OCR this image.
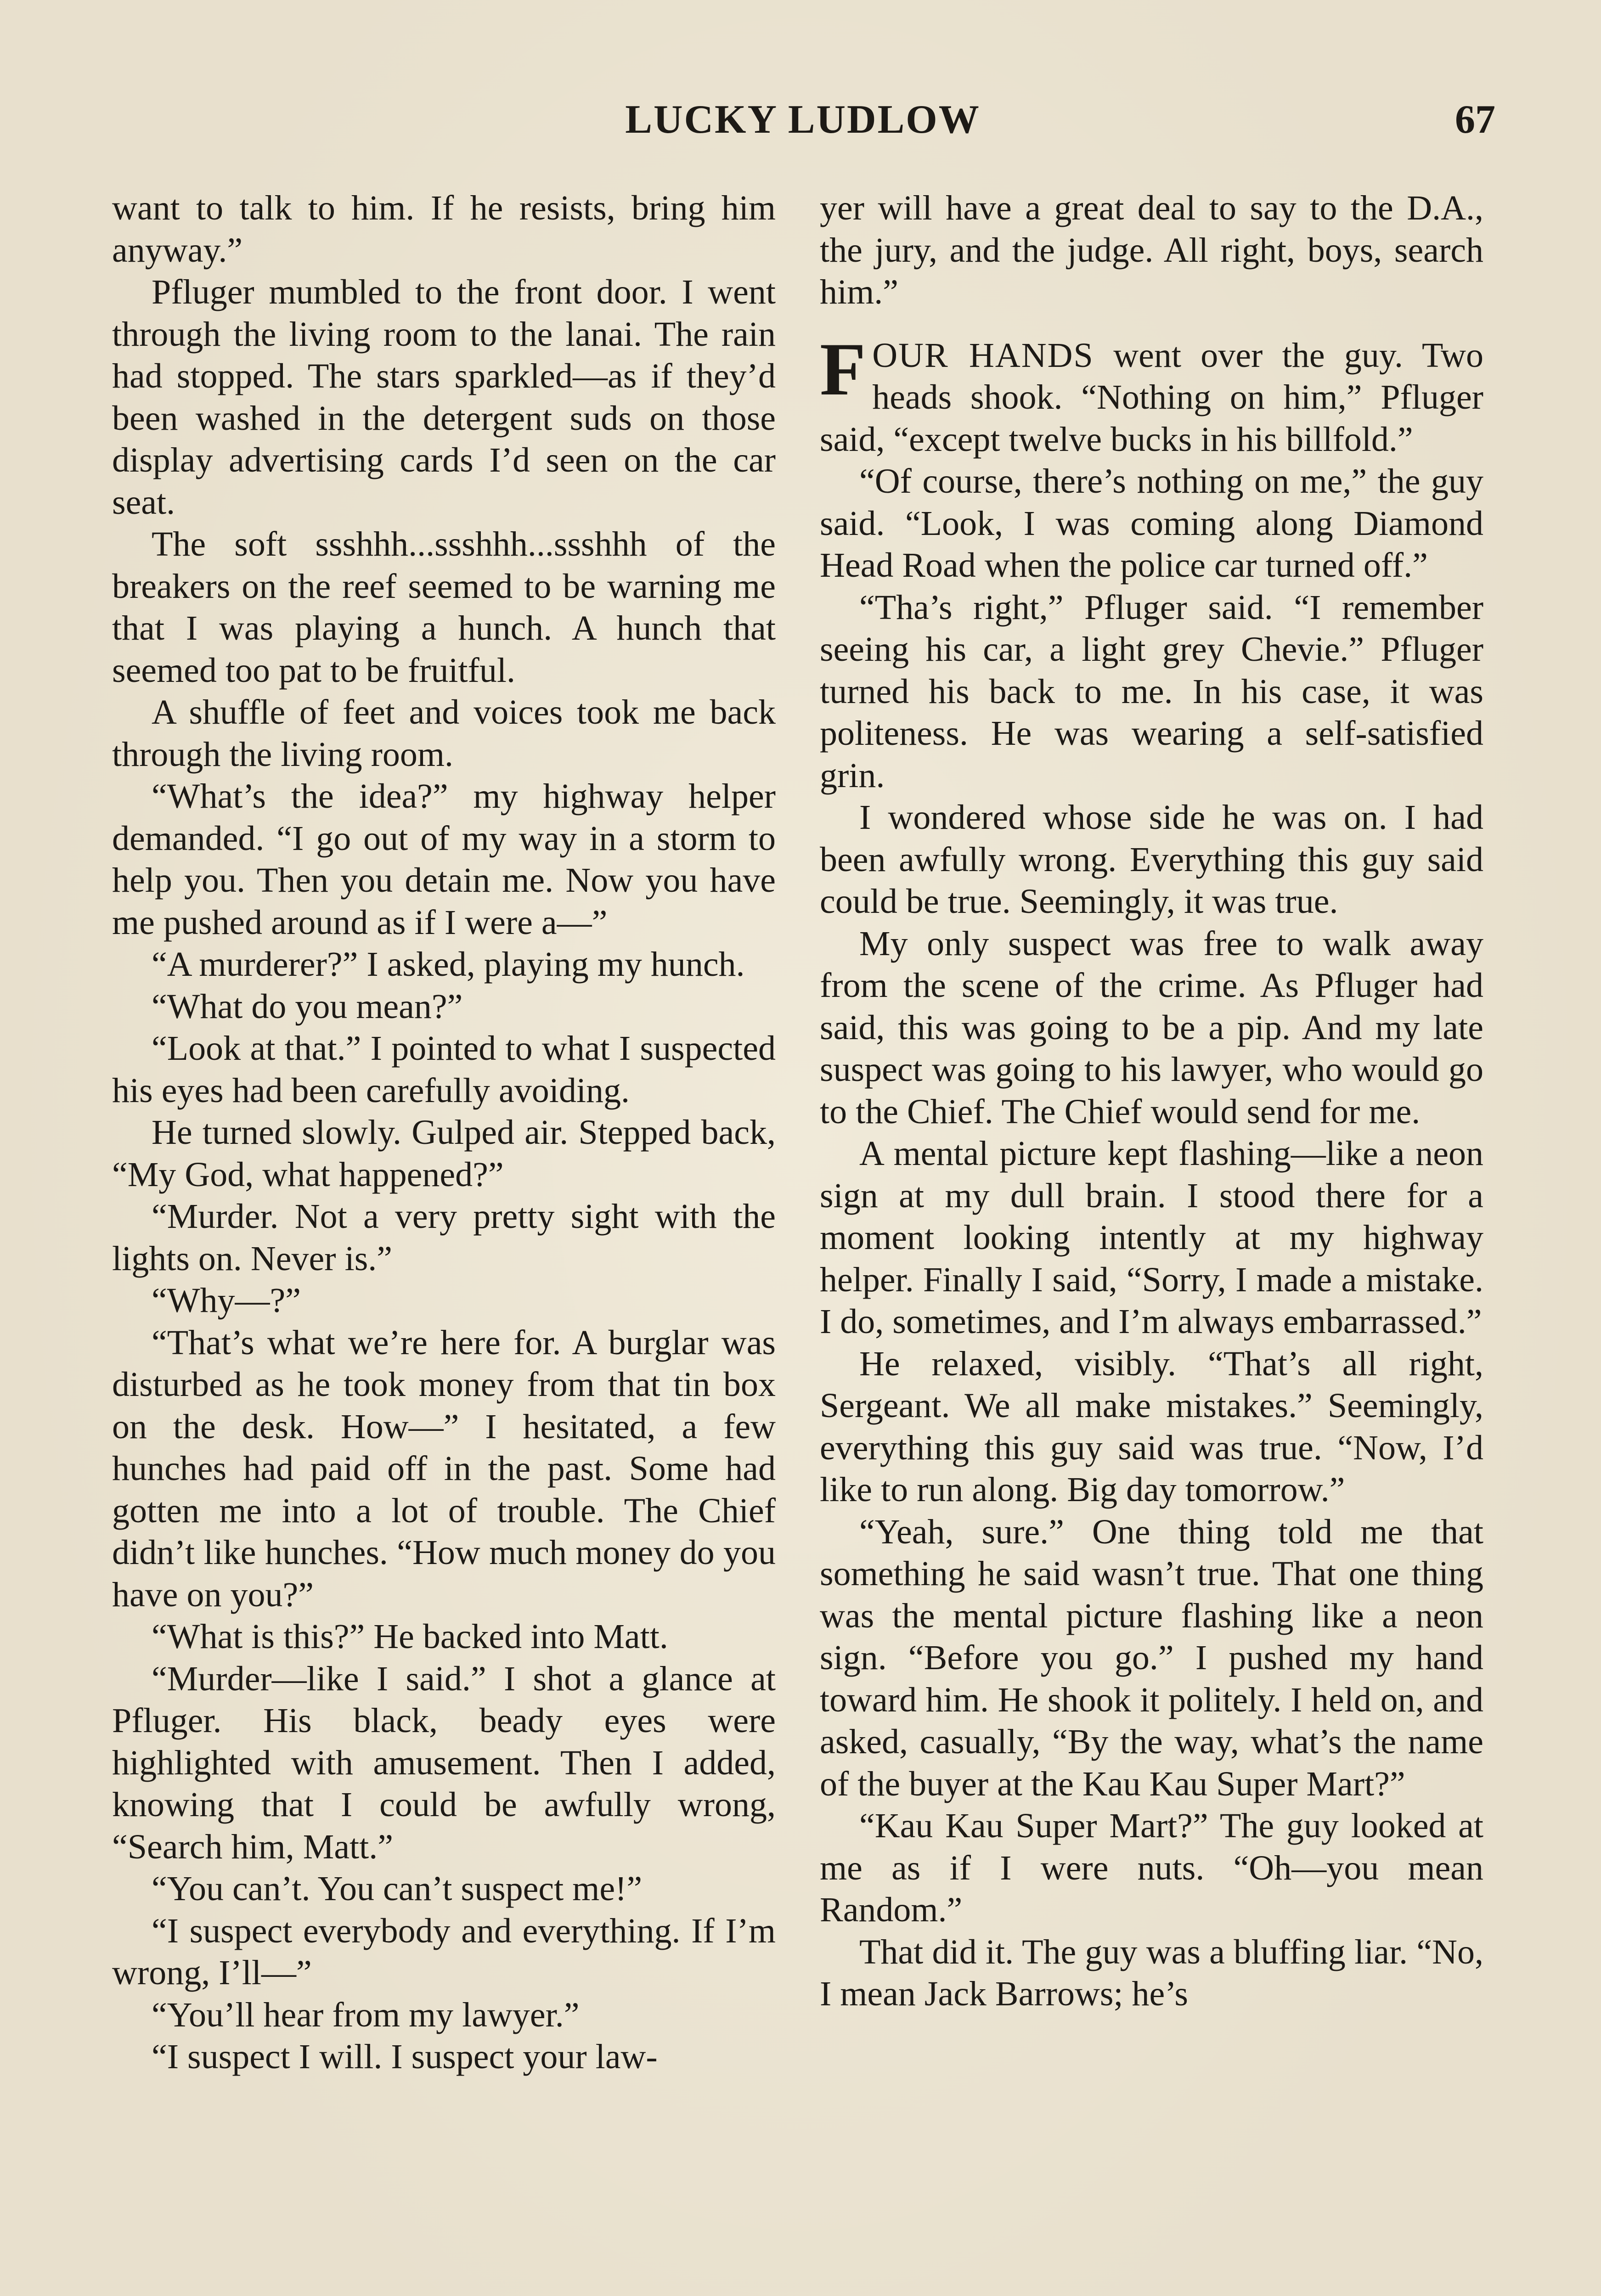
LUCKY LUDLOW	67

want to talk to him. If he resists, bring him anyway.”

Pfluger mumbled to the front door. I went through the living room to the lanai. The rain had stopped. The stars sparkled—as if they’d been washed in the detergent suds on those display advertising cards I’d seen on the car seat.

The soft ssshhh...ssshhh...ssshhh of the breakers on the reef seemed to be warning me that I was playing a hunch. A hunch that seemed too pat to be fruitful.

A shuffle of feet and voices took me back through the living room.

“What’s the idea?” my highway helper demanded. “I go out of my way in a storm to help you. Then you detain me. Now you have me pushed around as if I were a—”

“A murderer?” I asked, playing my hunch.

“What do you mean?”

“Look at that.” I pointed to what I suspected his eyes had been carefully avoiding.

He turned slowly. Gulped air. Stepped back, “My God, what happened?”

“Murder. Not a very pretty sight with the lights on. Never is.”

“Why—?”

“That’s what we’re here for. A burglar was disturbed as he took money from that tin box on the desk. How—” I hesitated, a few hunches had paid off in the past. Some had gotten me into a lot of trouble. The Chief didn’t like hunches. “How much money do you have on you?”

“What is this?” He backed into Matt.

“Murder—like I said.” I shot a glance at Pfluger. His black, beady eyes were highlighted with amusement. Then I added, knowing that I could be awfully wrong, “Search him, Matt.”

“You can’t. You can’t suspect me!”

“I suspect everybody and everything. If I’m wrong, I’ll—”

“You’ll hear from my lawyer.”

“I suspect I will. I suspect your law-

yer will have a great deal to say to the D.A., the jury, and the judge. All right, boys, search him.”

FOUR HANDS went over the guy. Two heads shook. “Nothing on him,” Pfluger said, “except twelve bucks in his billfold.”

“Of course, there’s nothing on me,” the guy said. “Look, I was coming along Diamond Head Road when the police car turned off.”

“Tha’s right,” Pfluger said. “I remember seeing his car, a light grey Chevie.” Pfluger turned his back to me. In his case, it was politeness. He was wearing a self-satisfied grin.

I wondered whose side he was on. I had been awfully wrong. Everything this guy said could be true. Seemingly, it was true.

My only suspect was free to walk away from the scene of the crime. As Pfluger had said, this was going to be a pip. And my late suspect was going to his lawyer, who would go to the Chief. The Chief would send for me.

A mental picture kept flashing—like a neon sign at my dull brain. I stood there for a moment looking intently at my highway helper. Finally I said, “Sorry, I made a mistake. I do, sometimes, and I’m always embarrassed.”

He relaxed, visibly. “That’s all right, Sergeant. We all make mistakes.” Seemingly, everything this guy said was true. “Now, I’d like to run along. Big day tomorrow.”

“Yeah, sure.” One thing told me that something he said wasn’t true. That one thing was the mental picture flashing like a neon sign. “Before you go.” I pushed my hand toward him. He shook it politely. I held on, and asked, casually, “By the way, what’s the name of the buyer at the Kau Kau Super Mart?”

“Kau Kau Super Mart?” The guy looked at me as if I were nuts. “Oh—you mean Random.”

That did it. The guy was a bluffing liar. “No, I mean Jack Barrows; he’s
